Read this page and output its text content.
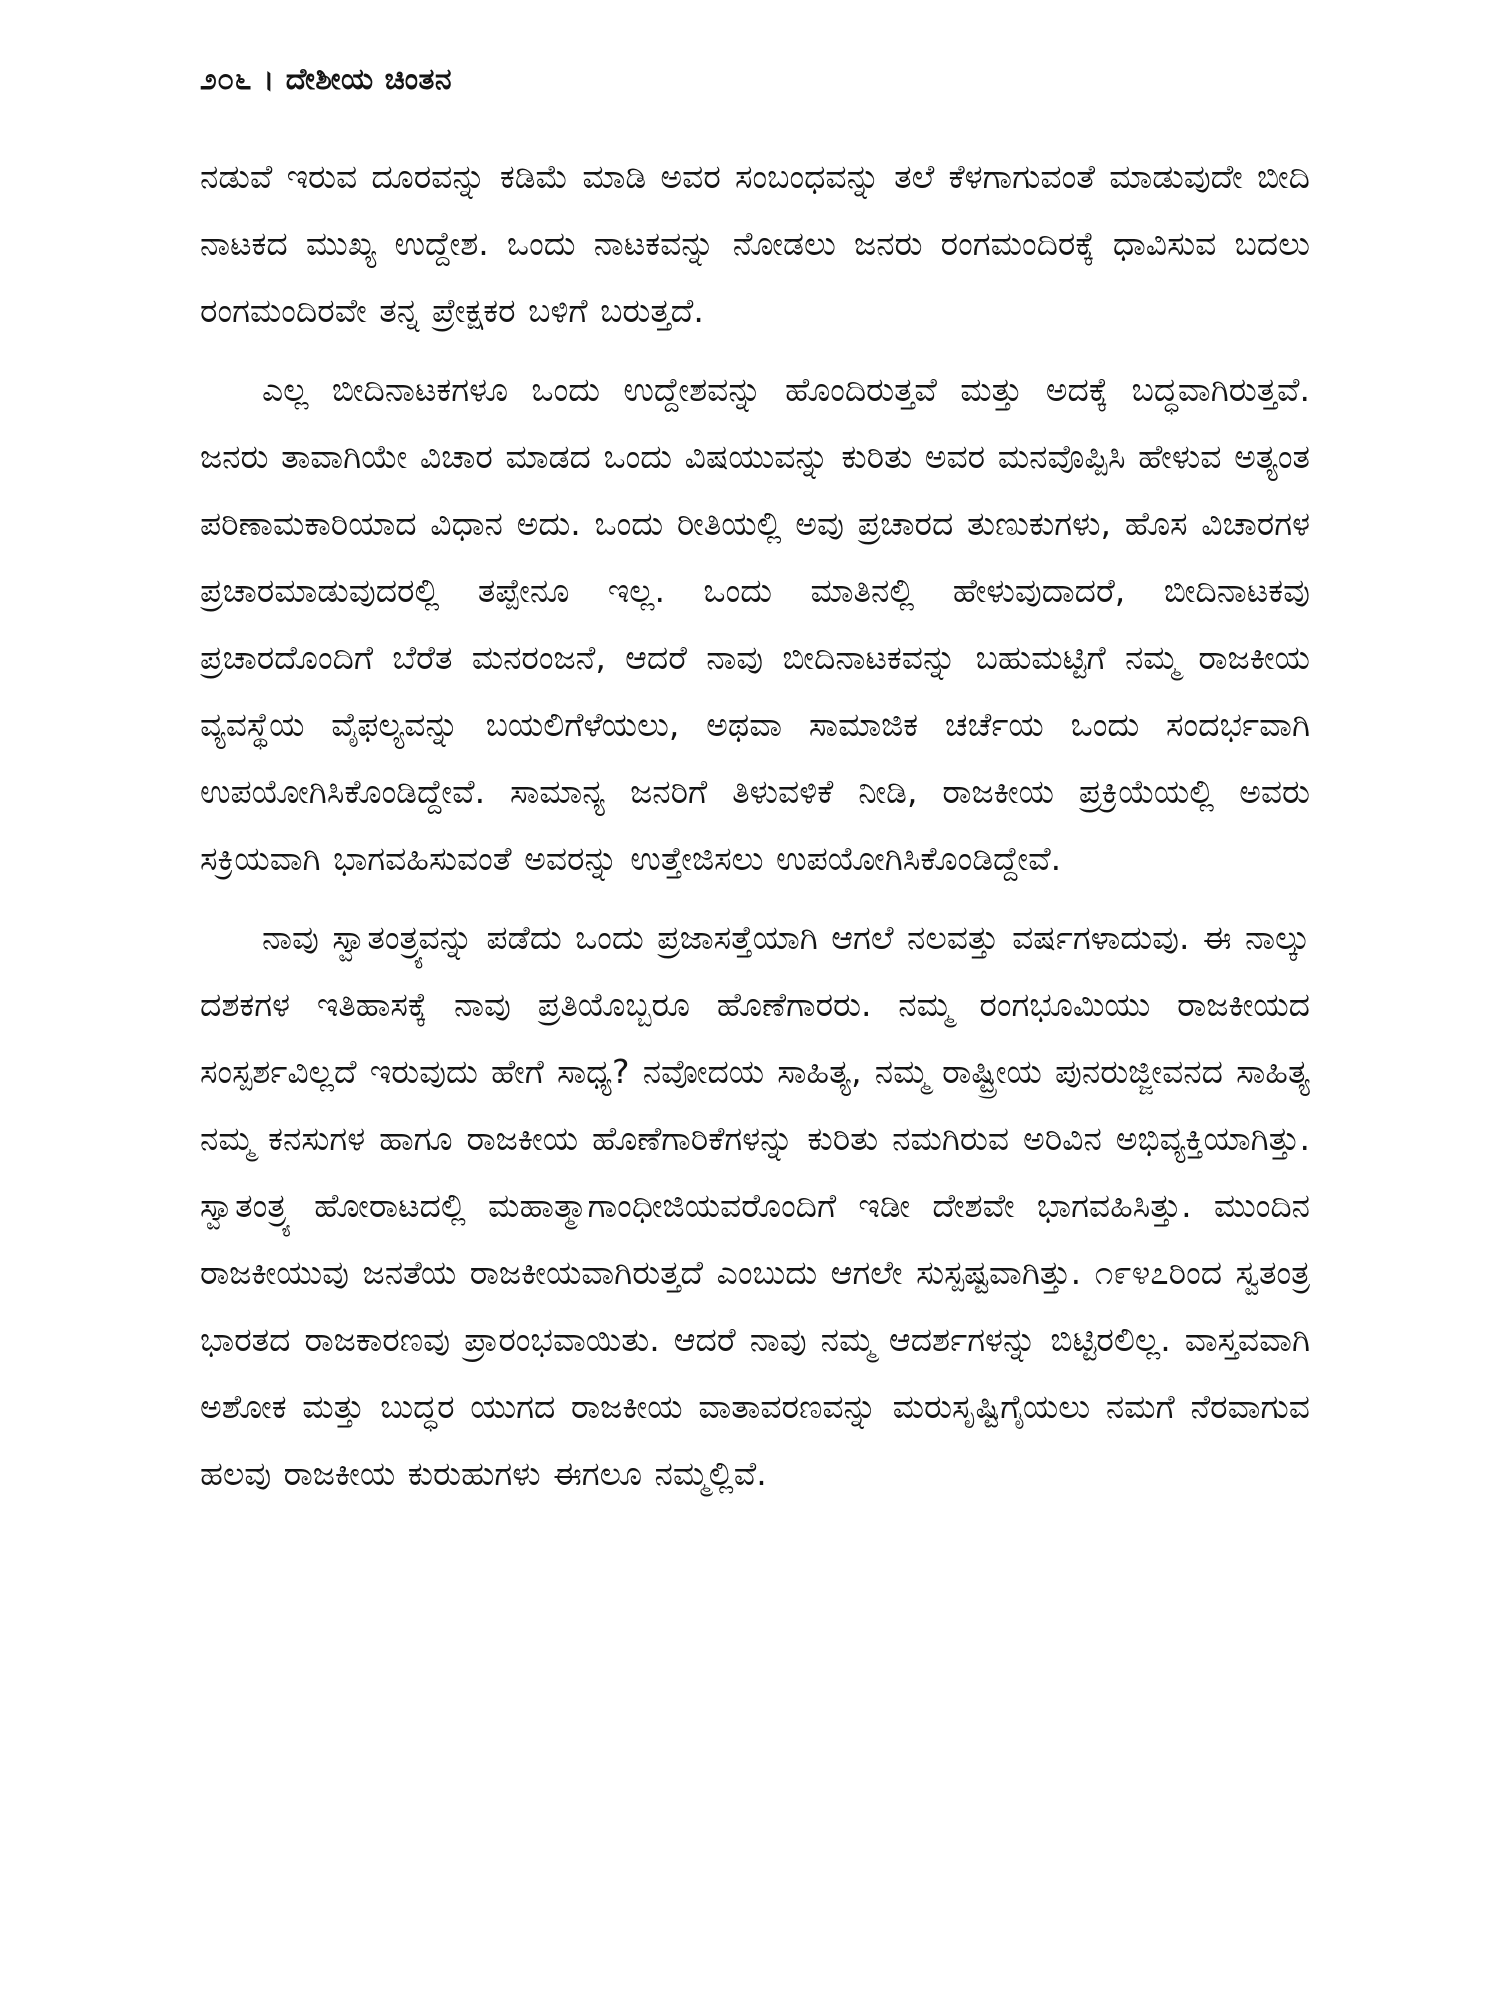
೨೦೬ । ದೇಶೀಯ ಚಿಂತನ

ನಡುವೆ ಇರುವ ದೂರವನ್ನು ಕಡಿಮೆ ಮಾಡಿ ಅವರ ಸಂಬಂಧವನ್ನು ತಲೆ ಕೆಳಗಾಗುವಂತೆ ಮಾಡುವುದೇ ಬೀದಿ ನಾಟಕದ ಮುಖ್ಯ ಉದ್ದೇಶ. ಒಂದು ನಾಟಕವನ್ನು ನೋಡಲು ಜನರು ರಂಗಮಂದಿರಕ್ಕೆ ಧಾವಿಸುವ ಬದಲು ರಂಗಮಂದಿರವೇ ತನ್ನ ಪ್ರೇಕ್ಷಕರ ಬಳಿಗೆ ಬರುತ್ತದೆ.

ಎಲ್ಲ ಬೀದಿನಾಟಕಗಳೂ ಒಂದು ಉದ್ದೇಶವನ್ನು ಹೊಂದಿರುತ್ತವೆ ಮತ್ತು ಅದಕ್ಕೆ ಬದ್ಧವಾಗಿರುತ್ತವೆ. ಜನರು ತಾವಾಗಿಯೇ ವಿಚಾರ ಮಾಡದ ಒಂದು ವಿಷಯುವನ್ನು ಕುರಿತು ಅವರ ಮನವೊಪ್ಪಿಸಿ ಹೇಳುವ ಅತ್ಯಂತ ಪರಿಣಾಮಕಾರಿಯಾದ ವಿಧಾನ ಅದು. ಒಂದು ರೀತಿಯಲ್ಲಿ ಅವು ಪ್ರಚಾರದ ತುಣುಕುಗಳು, ಹೊಸ ವಿಚಾರಗಳ ಪ್ರಚಾರಮಾಡುವುದರಲ್ಲಿ ತಪ್ಪೇನೂ ಇಲ್ಲ. ಒಂದು ಮಾತಿನಲ್ಲಿ ಹೇಳುವುದಾದರೆ, ಬೀದಿನಾಟಕವು ಪ್ರಚಾರದೊಂದಿಗೆ ಬೆರೆತ ಮನರಂಜನೆ, ಆದರೆ ನಾವು ಬೀದಿನಾಟಕವನ್ನು ಬಹುಮಟ್ಟಿಗೆ ನಮ್ಮ ರಾಜಕೀಯ ವ್ಯವಸ್ಥೆಯ ವೈಫಲ್ಯವನ್ನು ಬಯಲಿಗೆಳೆಯಲು, ಅಥವಾ ಸಾಮಾಜಿಕ ಚರ್ಚೆಯ ಒಂದು ಸಂದರ್ಭವಾಗಿ ಉಪಯೋಗಿಸಿಕೊಂಡಿದ್ದೇವೆ. ಸಾಮಾನ್ಯ ಜನರಿಗೆ ತಿಳುವಳಿಕೆ ನೀಡಿ, ರಾಜಕೀಯ ಪ್ರಕ್ರಿಯೆಯಲ್ಲಿ ಅವರು ಸಕ್ರಿಯವಾಗಿ ಭಾಗವಹಿಸುವಂತೆ ಅವರನ್ನು ಉತ್ತೇಜಿಸಲು ಉಪಯೋಗಿಸಿಕೊಂಡಿದ್ದೇವೆ.

ನಾವು ಸ್ವಾತಂತ್ರ್ಯವನ್ನು ಪಡೆದು ಒಂದು ಪ್ರಜಾಸತ್ತೆಯಾಗಿ ಆಗಲೆ ನಲವತ್ತು ವರ್ಷಗಳಾದುವು. ಈ ನಾಲ್ಕು ದಶಕಗಳ ಇತಿಹಾಸಕ್ಕೆ ನಾವು ಪ್ರತಿಯೊಬ್ಬರೂ ಹೊಣೆಗಾರರು. ನಮ್ಮ ರಂಗಭೂಮಿಯು ರಾಜಕೀಯದ ಸಂಸ್ಪರ್ಶವಿಲ್ಲದೆ ಇರುವುದು ಹೇಗೆ ಸಾಧ್ಯ? ನವೋದಯ ಸಾಹಿತ್ಯ, ನಮ್ಮ ರಾಷ್ಟ್ರೀಯ ಪುನರುಜ್ಜೀವನದ ಸಾಹಿತ್ಯ ನಮ್ಮ ಕನಸುಗಳ ಹಾಗೂ ರಾಜಕೀಯ ಹೊಣೆಗಾರಿಕೆಗಳನ್ನು ಕುರಿತು ನಮಗಿರುವ ಅರಿವಿನ ಅಭಿವ್ಯಕ್ತಿಯಾಗಿತ್ತು. ಸ್ವಾತಂತ್ರ್ಯ ಹೋರಾಟದಲ್ಲಿ ಮಹಾತ್ಮಾಗಾಂಧೀಜಿಯವರೊಂದಿಗೆ ಇಡೀ ದೇಶವೇ ಭಾಗವಹಿಸಿತ್ತು. ಮುಂದಿನ ರಾಜಕೀಯುವು ಜನತೆಯ ರಾಜಕೀಯವಾಗಿರುತ್ತದೆ ಎಂಬುದು ಆಗಲೇ ಸುಸ್ಪಷ್ಟವಾಗಿತ್ತು. ೧೯೪೭ರಿಂದ ಸ್ವತಂತ್ರ ಭಾರತದ ರಾಜಕಾರಣವು ಪ್ರಾರಂಭವಾಯಿತು. ಆದರೆ ನಾವು ನಮ್ಮ ಆದರ್ಶಗಳನ್ನು ಬಿಟ್ಟಿರಲಿಲ್ಲ. ವಾಸ್ತವವಾಗಿ ಅಶೋಕ ಮತ್ತು ಬುದ್ಧರ ಯುಗದ ರಾಜಕೀಯ ವಾತಾವರಣವನ್ನು ಮರುಸೃಷ್ಟಿಗೈಯಲು ನಮಗೆ ನೆರವಾಗುವ ಹಲವು ರಾಜಕೀಯ ಕುರುಹುಗಳು ಈಗಲೂ ನಮ್ಮಲ್ಲಿವೆ.
